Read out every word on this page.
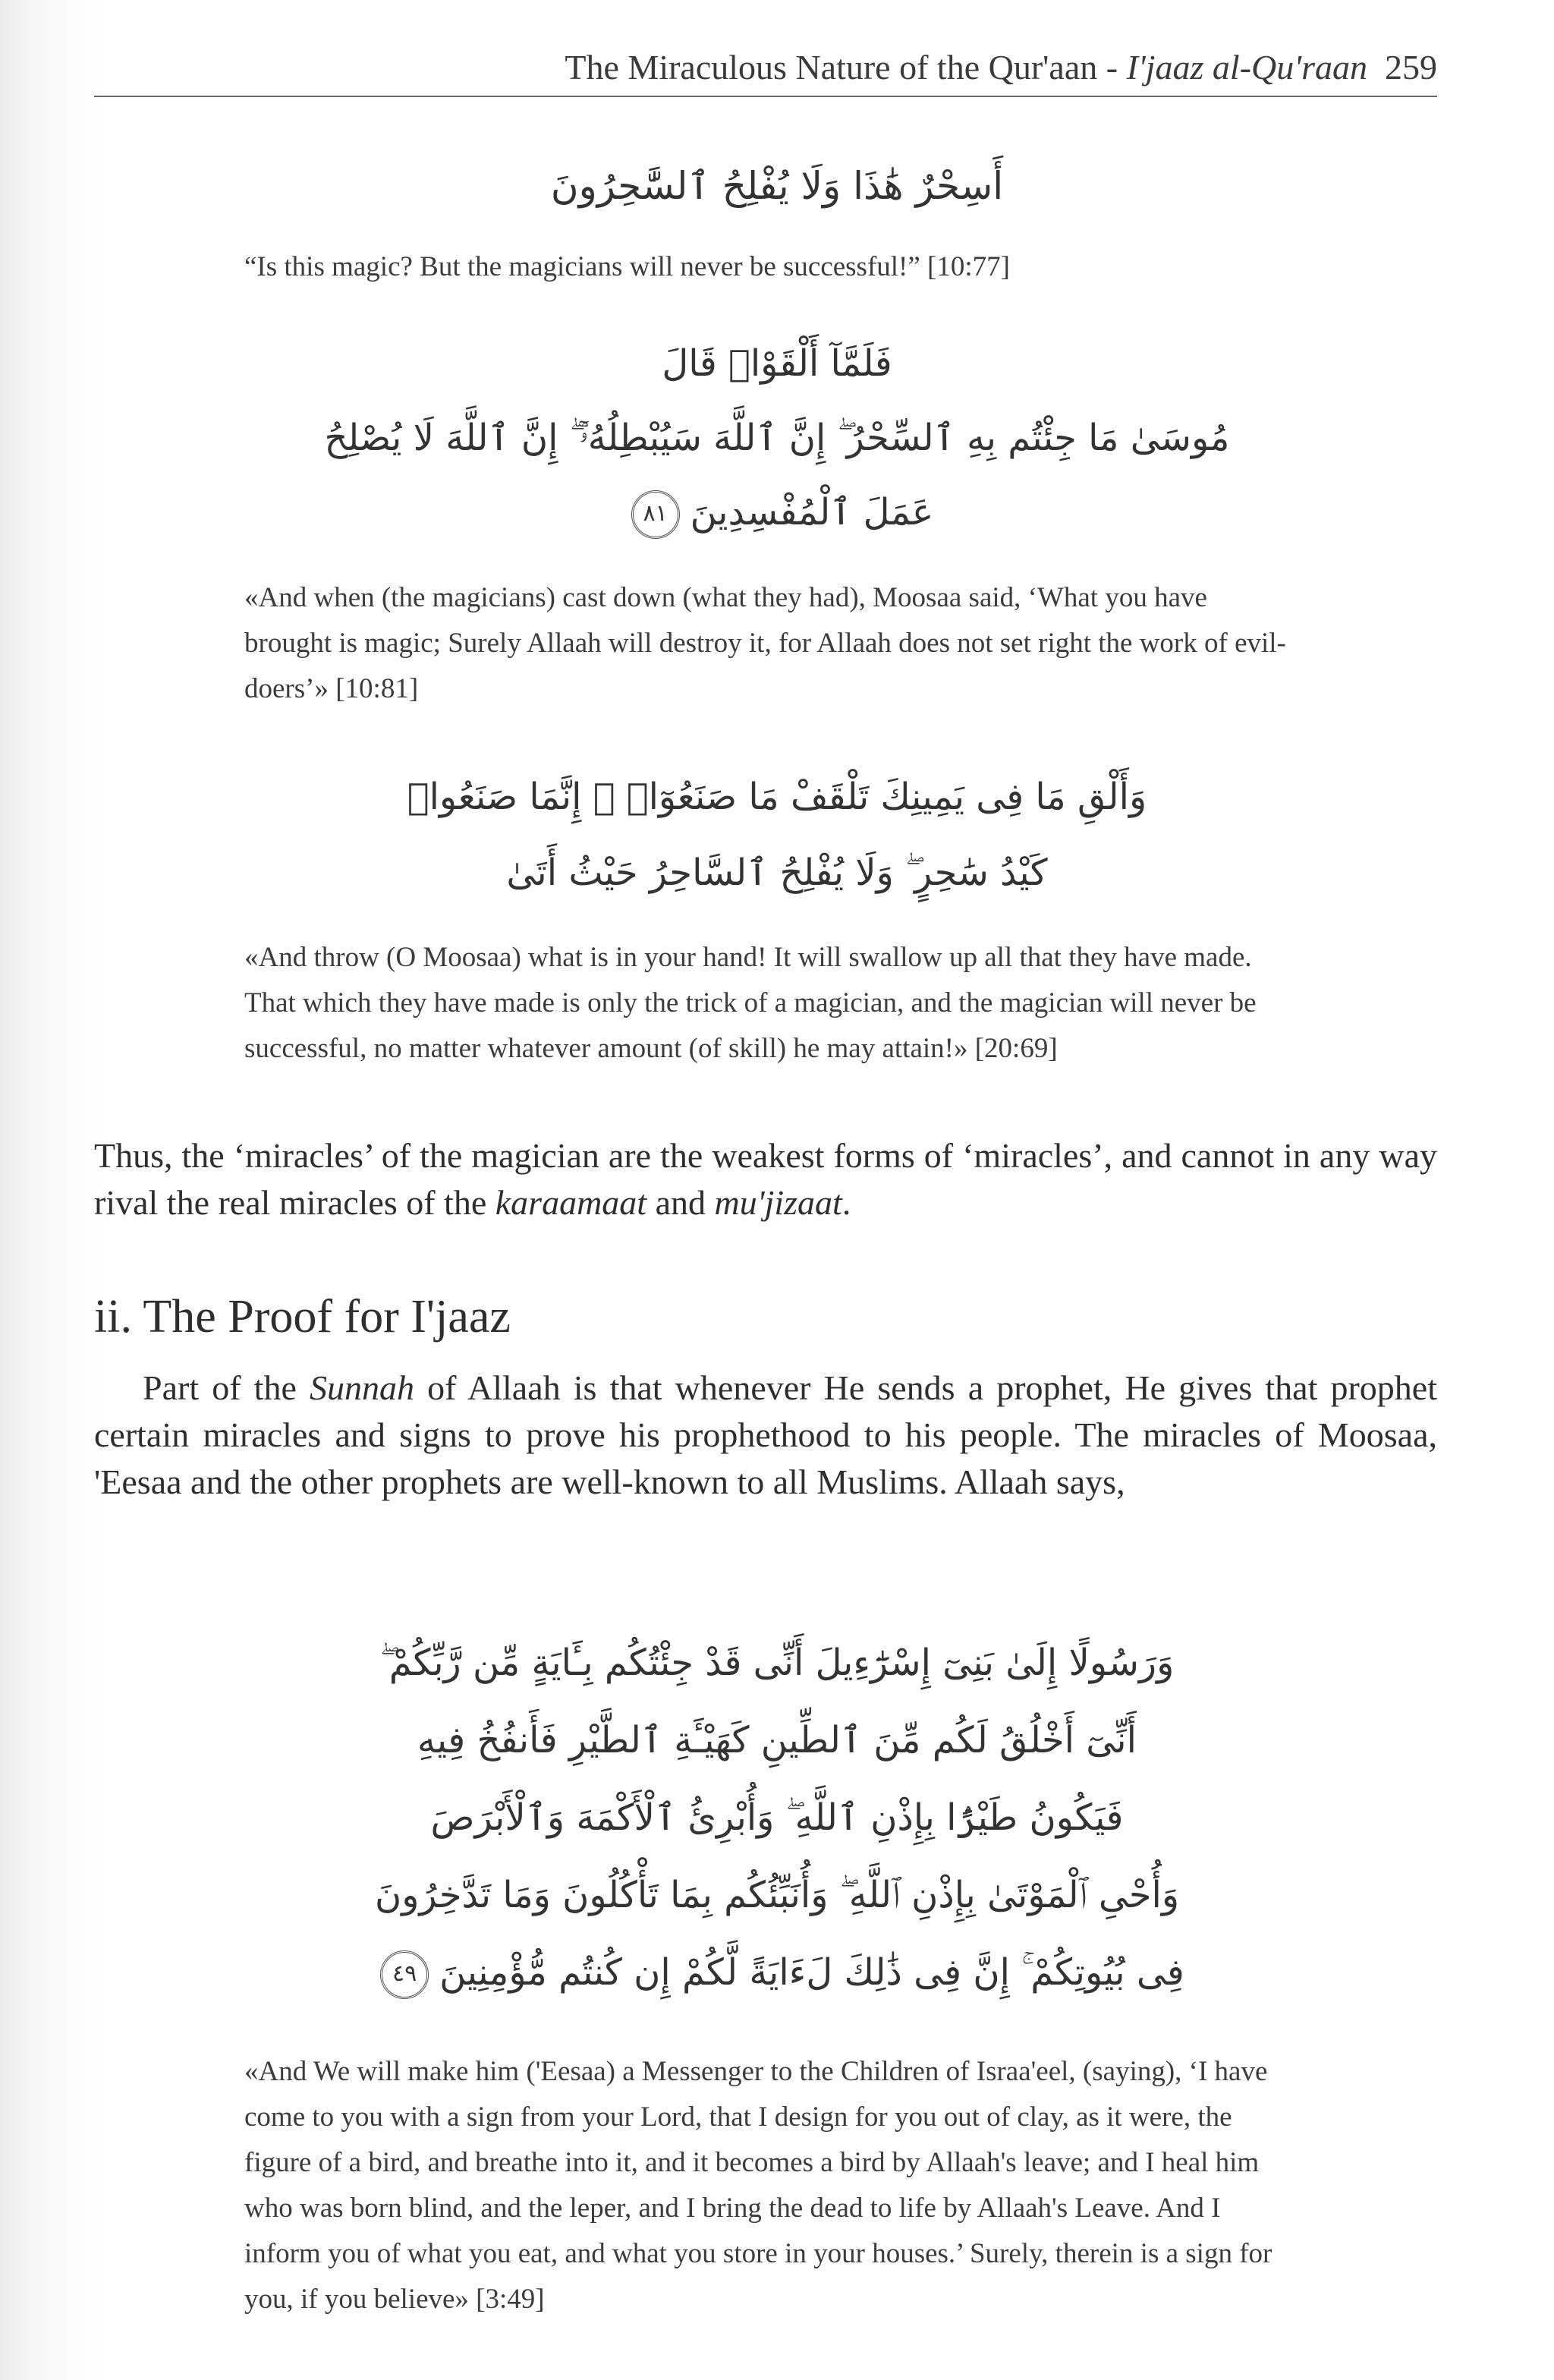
The Miraculous Nature of the Qur'aan - I'jaaz al-Qu'raan 259
أَسِحْرٌ هَٰذَا وَلَا يُفْلِحُ ٱلسَّٰحِرُونَ
“Is this magic? But the magicians will never be successful!” [10:77]
فَلَمَّآ أَلْقَوْا۟ قَالَ
مُوسَىٰ مَا جِئْتُم بِهِ ٱلسِّحْرُ ۖ إِنَّ ٱللَّهَ سَيُبْطِلُهُۥٓ ۖ إِنَّ ٱللَّهَ لَا يُصْلِحُ
عَمَلَ ٱلْمُفْسِدِينَ٨١
«And when (the magicians) cast down (what they had), Moosaa said, ‘What you have brought is magic; Surely Allaah will destroy it, for Allaah does not set right the work of evil-doers’» [10:81]
وَأَلْقِ مَا فِى يَمِينِكَ تَلْقَفْ مَا صَنَعُوٓا۟ ۖ إِنَّمَا صَنَعُوا۟
كَيْدُ سَٰحِرٍ ۖ وَلَا يُفْلِحُ ٱلسَّاحِرُ حَيْثُ أَتَىٰ
«And throw (O Moosaa) what is in your hand! It will swallow up all that they have made. That which they have made is only the trick of a magician, and the magician will never be successful, no matter whatever amount (of skill) he may attain!» [20:69]
Thus, the ‘miracles’ of the magician are the weakest forms of ‘miracles’, and cannot in any way rival the real miracles of the karaamaat and mu'jizaat.
ii. The Proof for I'jaaz
Part of the Sunnah of Allaah is that whenever He sends a prophet, He gives that prophet certain miracles and signs to prove his prophethood to his people. The miracles of Moosaa, 'Eesaa and the other prophets are well-known to all Muslims. Allaah says,
وَرَسُولًا إِلَىٰ بَنِىٓ إِسْرَٰٓءِيلَ أَنِّى قَدْ جِئْتُكُم بِـَٔايَةٍ مِّن رَّبِّكُمْ ۖ
أَنِّىٓ أَخْلُقُ لَكُم مِّنَ ٱلطِّينِ كَهَيْـَٔةِ ٱلطَّيْرِ فَأَنفُخُ فِيهِ
فَيَكُونُ طَيْرًۢا بِإِذْنِ ٱللَّهِ ۖ وَأُبْرِئُ ٱلْأَكْمَهَ وَٱلْأَبْرَصَ
وَأُحْىِ ٱلْمَوْتَىٰ بِإِذْنِ ٱللَّهِ ۖ وَأُنَبِّئُكُم بِمَا تَأْكُلُونَ وَمَا تَدَّخِرُونَ
فِى بُيُوتِكُمْ ۚ إِنَّ فِى ذَٰلِكَ لَءَايَةً لَّكُمْ إِن كُنتُم مُّؤْمِنِينَ٤٩
«And We will make him ('Eesaa) a Messenger to the Children of Israa'eel, (saying), ‘I have come to you with a sign from your Lord, that I design for you out of clay, as it were, the figure of a bird, and breathe into it, and it becomes a bird by Allaah's leave; and I heal him who was born blind, and the leper, and I bring the dead to life by Allaah's Leave. And I inform you of what you eat, and what you store in your houses.’ Surely, therein is a sign for you, if you believe» [3:49]
